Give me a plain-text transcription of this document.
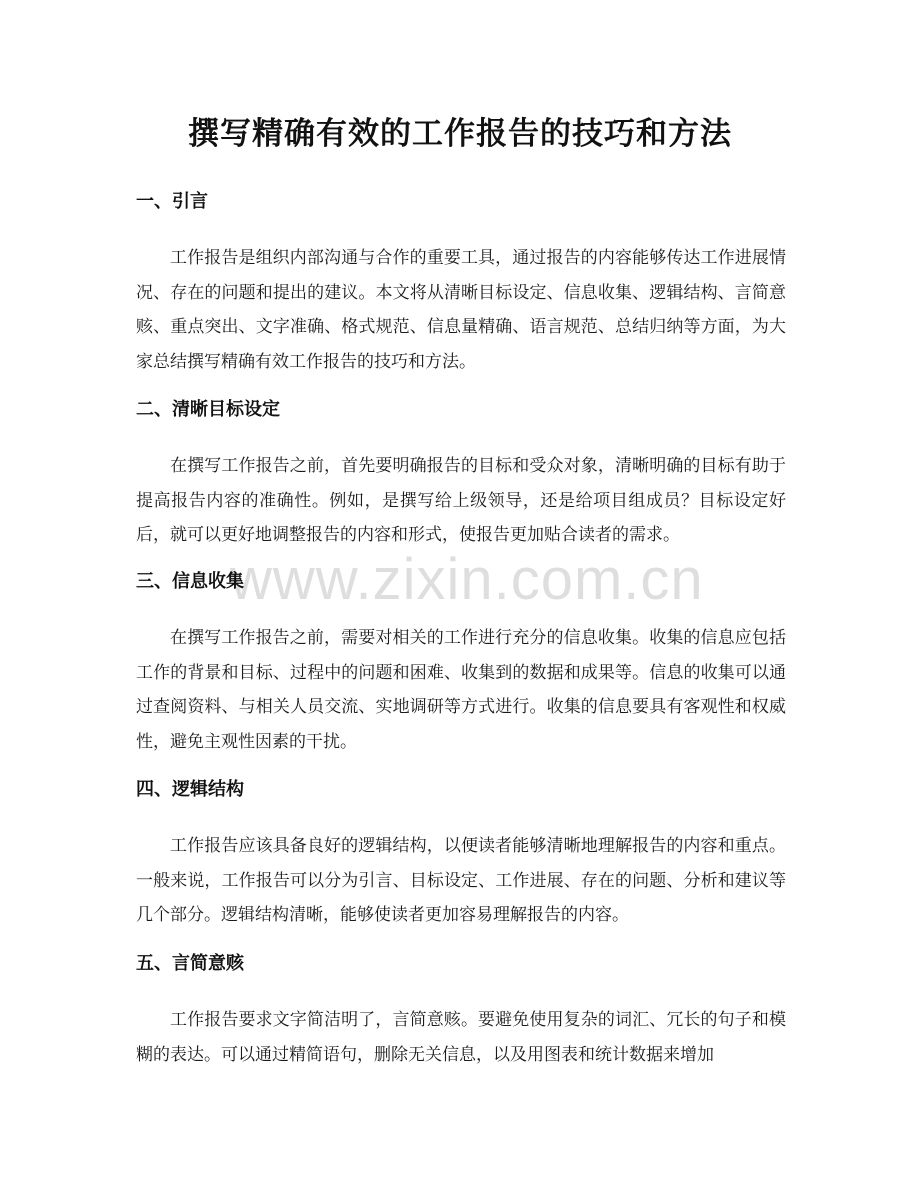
撰写精确有效的工作报告的技巧和方法

一、引言

工作报告是组织内部沟通与合作的重要工具，通过报告的内容能够传达工作进展情况、存在的问题和提出的建议。本文将从清晰目标设定、信息收集、逻辑结构、言简意赅、重点突出、文字准确、格式规范、信息量精确、语言规范、总结归纳等方面，为大家总结撰写精确有效工作报告的技巧和方法。

二、清晰目标设定

在撰写工作报告之前，首先要明确报告的目标和受众对象，清晰明确的目标有助于提高报告内容的准确性。例如，是撰写给上级领导，还是给项目组成员？目标设定好后，就可以更好地调整报告的内容和形式，使报告更加贴合读者的需求。

三、信息收集

在撰写工作报告之前，需要对相关的工作进行充分的信息收集。收集的信息应包括工作的背景和目标、过程中的问题和困难、收集到的数据和成果等。信息的收集可以通过查阅资料、与相关人员交流、实地调研等方式进行。收集的信息要具有客观性和权威性，避免主观性因素的干扰。

四、逻辑结构

工作报告应该具备良好的逻辑结构，以便读者能够清晰地理解报告的内容和重点。一般来说，工作报告可以分为引言、目标设定、工作进展、存在的问题、分析和建议等几个部分。逻辑结构清晰，能够使读者更加容易理解报告的内容。

五、言简意赅

工作报告要求文字简洁明了，言简意赅。要避免使用复杂的词汇、冗长的句子和模糊的表达。可以通过精简语句，删除无关信息，以及用图表和统计数据来增加

www.zixin.com.cn
